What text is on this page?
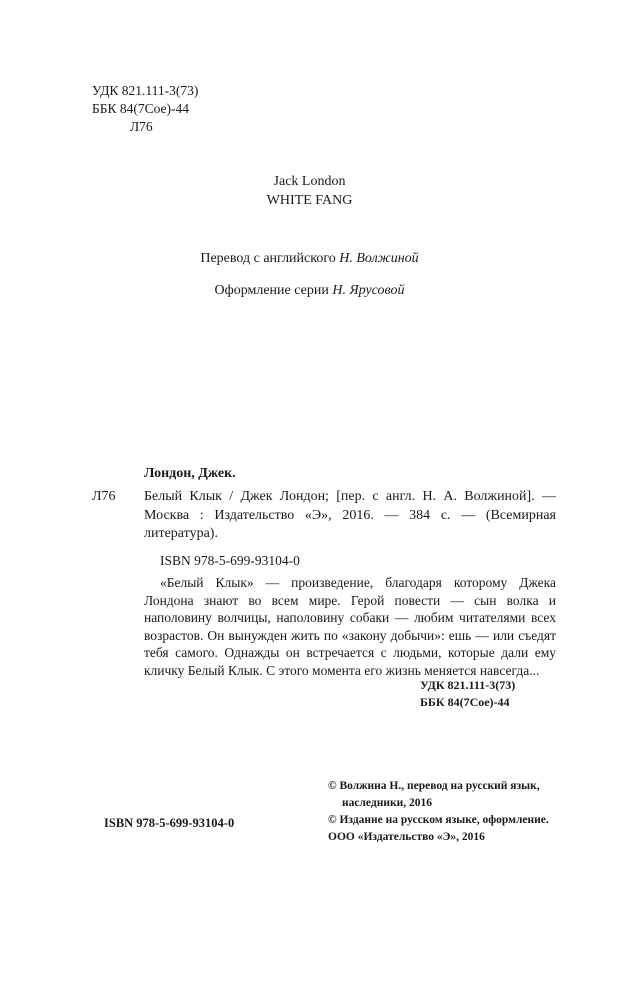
УДК 821.111-3(73)
ББК 84(7Сое)-44
Л76
Jack London
WHITE FANG
Перевод с английского Н. Волжиной
Оформление серии Н. Ярусовой
Лондон, Джек.
Л76 Белый Клык / Джек Лондон; [пер. с англ. Н. А. Волжиной]. — Москва : Издательство «Э», 2016. — 384 с. — (Всемирная литература).
ISBN 978-5-699-93104-0
«Белый Клык» — произведение, благодаря которому Джека Лондона знают во всем мире. Герой повести — сын волка и наполовину волчицы, наполовину собаки — любим читателями всех возрастов. Он вынужден жить по «закону добычи»: ешь — или съедят тебя самого. Однажды он встречается с людьми, которые дали ему кличку Белый Клык. С этого момента его жизнь меняется навсегда...
УДК 821.111-3(73)
ББК 84(7Сое)-44
© Волжина Н., перевод на русский язык,
наследники, 2016
© Издание на русском языке, оформление.
ООО «Издательство «Э», 2016
ISBN 978-5-699-93104-0
